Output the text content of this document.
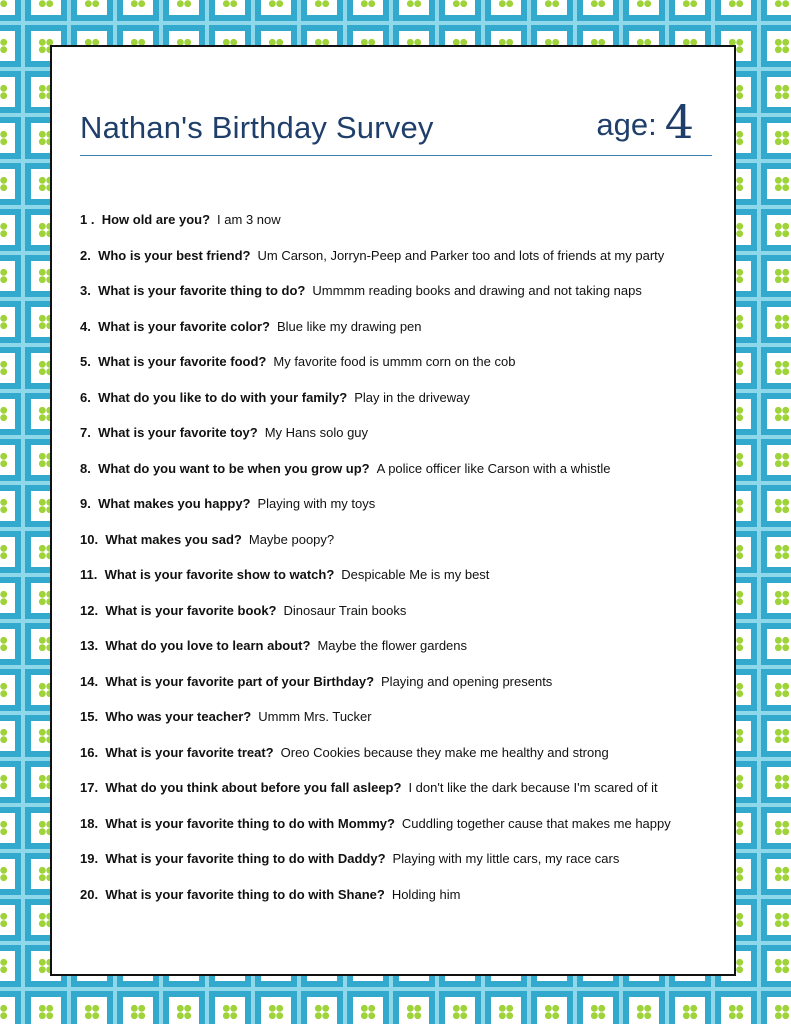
Nathan's Birthday Survey	age: 4
1 . How old are you? I am 3 now
2. Who is your best friend? Um Carson, Jorryn-Peep and Parker too and lots of friends at my party
3. What is your favorite thing to do? Ummmm reading books and drawing and not taking naps
4. What is your favorite color? Blue like my drawing pen
5. What is your favorite food? My favorite food is ummm corn on the cob
6. What do you like to do with your family? Play in the driveway
7. What is your favorite toy? My Hans solo guy
8. What do you want to be when you grow up? A police officer like Carson with a whistle
9. What makes you happy? Playing with my toys
10. What makes you sad? Maybe poopy?
11. What is your favorite show to watch? Despicable Me is my best
12. What is your favorite book? Dinosaur Train books
13. What do you love to learn about? Maybe the flower gardens
14. What is your favorite part of your Birthday? Playing and opening presents
15. Who was your teacher? Ummm Mrs. Tucker
16. What is your favorite treat? Oreo Cookies because they make me healthy and strong
17. What do you think about before you fall asleep? I don't like the dark because I'm scared of it
18. What is your favorite thing to do with Mommy? Cuddling together cause that makes me happy
19. What is your favorite thing to do with Daddy? Playing with my little cars, my race cars
20. What is your favorite thing to do with Shane? Holding him
